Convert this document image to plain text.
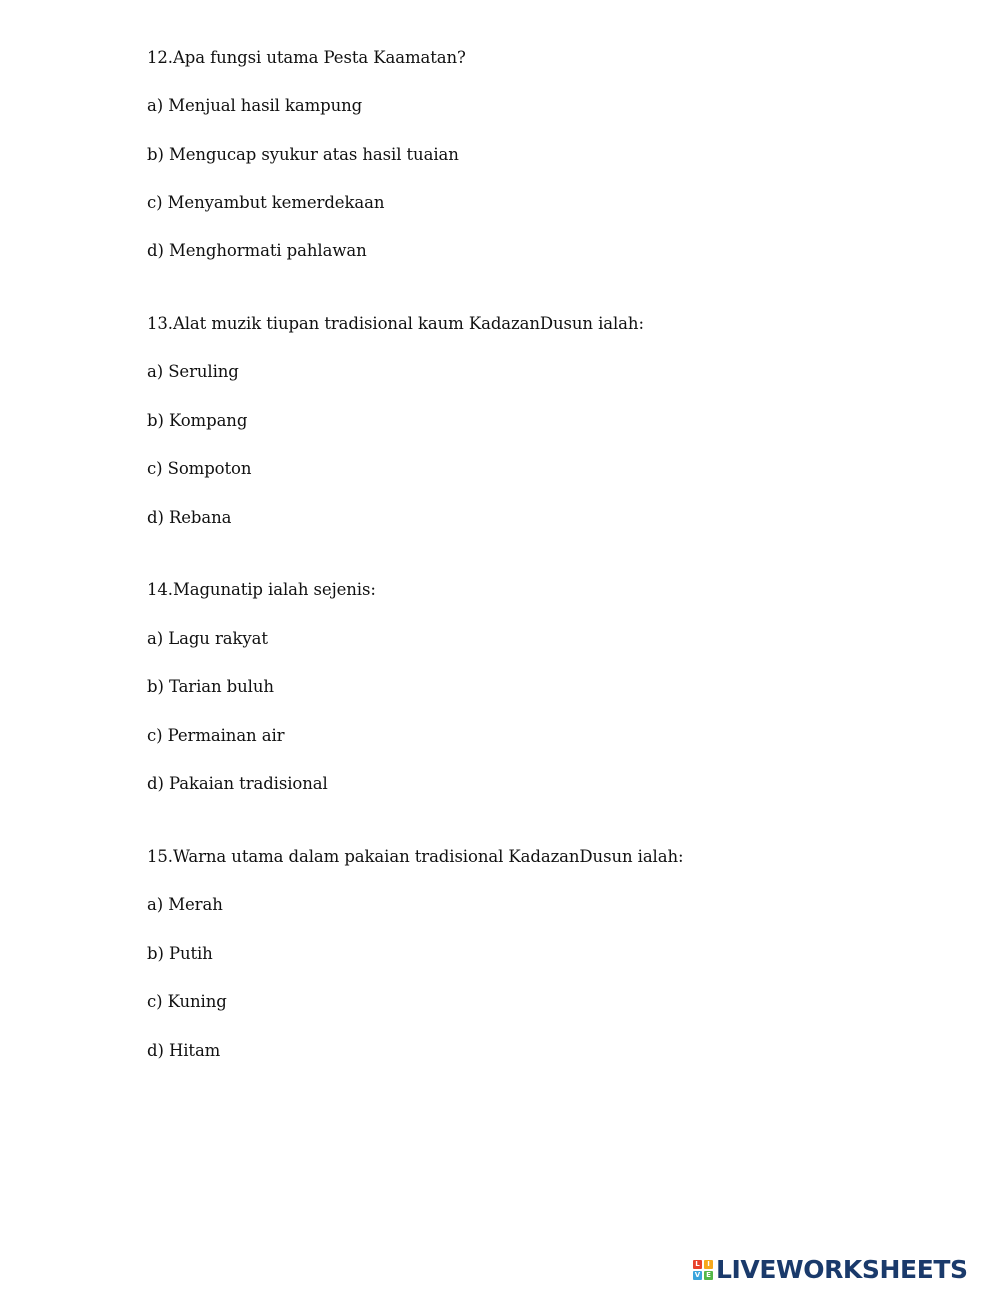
12.Apa fungsi utama Pesta Kaamatan?
a) Menjual hasil kampung
b) Mengucap syukur atas hasil tuaian
c) Menyambut kemerdekaan
d) Menghormati pahlawan
13.Alat muzik tiupan tradisional kaum KadazanDusun ialah:
a) Seruling
b) Kompang
c) Sompoton
d) Rebana
14.Magunatip ialah sejenis:
a) Lagu rakyat
b) Tarian buluh
c) Permainan air
d) Pakaian tradisional
15.Warna utama dalam pakaian tradisional KadazanDusun ialah:
a) Merah
b) Putih
c) Kuning
d) Hitam
L	I
V E LIVEWORKSHEETS
